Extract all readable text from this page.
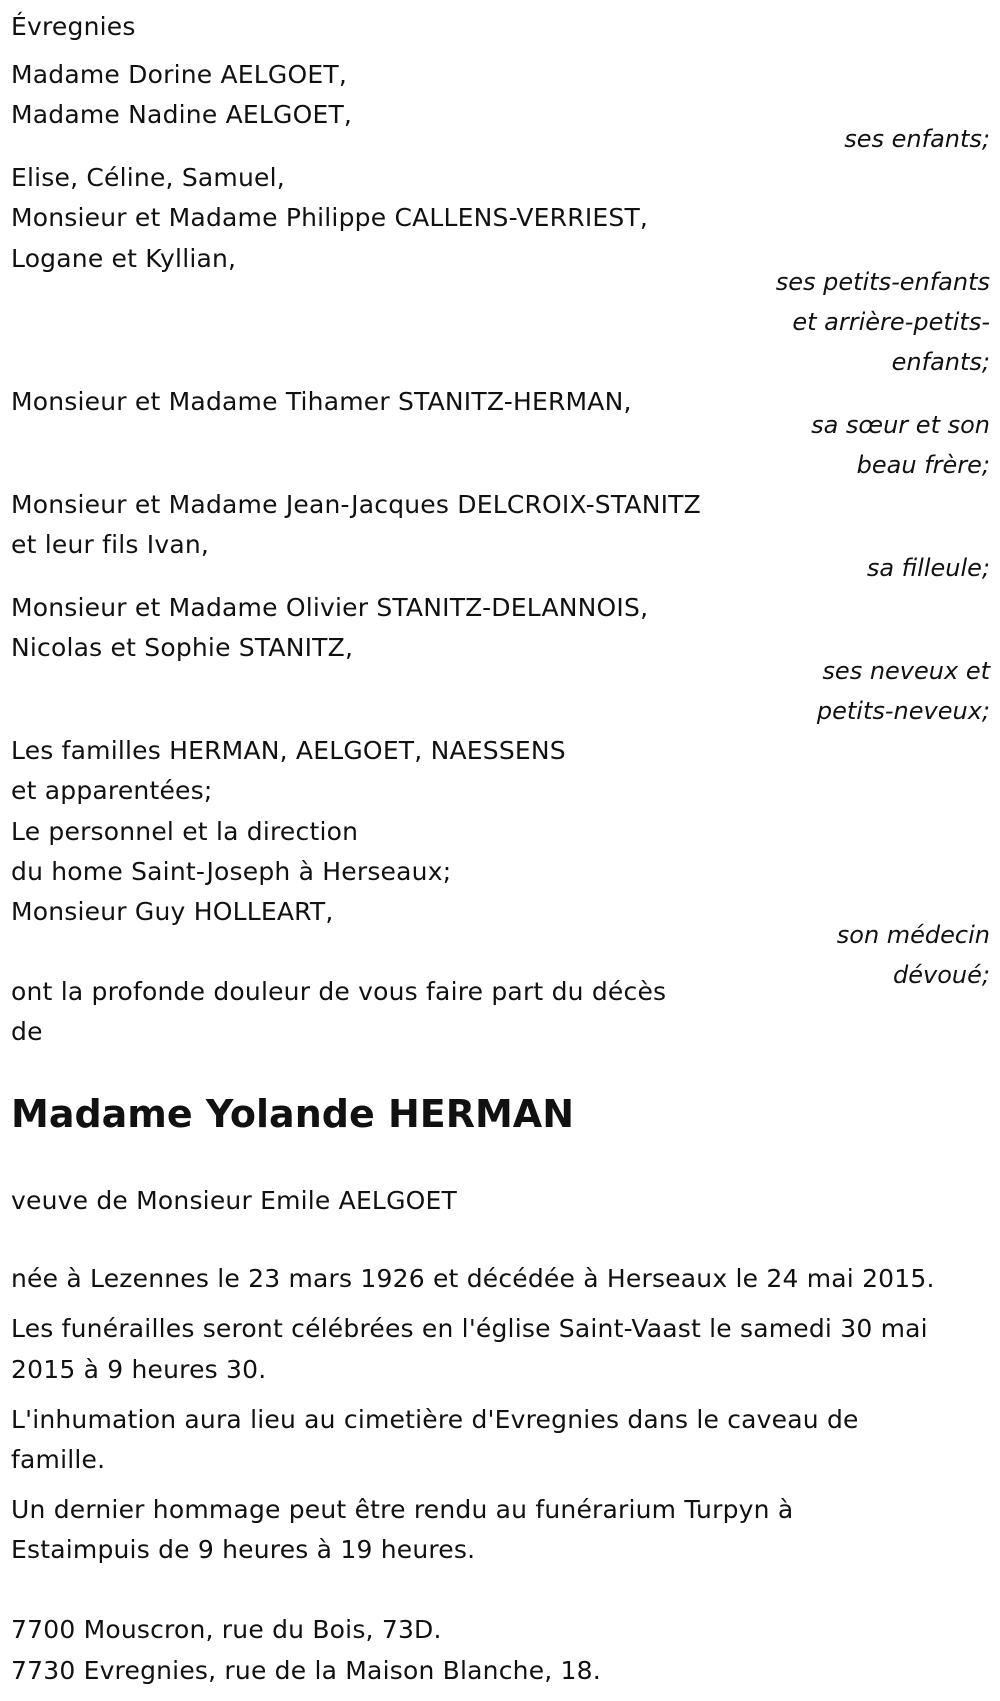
Évregnies
Madame Dorine AELGOET,
Madame Nadine AELGOET,
ses enfants;
Elise, Céline, Samuel,
Monsieur et Madame Philippe CALLENS-VERRIEST,
Logane et Kyllian,
ses petits-enfants
et arrière-petits-
enfants;
Monsieur et Madame Tihamer STANITZ-HERMAN,
sa sœur et son
beau frère;
Monsieur et Madame Jean-Jacques DELCROIX-STANITZ
et leur fils Ivan,
sa filleule;
Monsieur et Madame Olivier STANITZ-DELANNOIS,
Nicolas et Sophie STANITZ,
ses neveux et
petits-neveux;
Les familles HERMAN, AELGOET, NAESSENS
et apparentées;
Le personnel et la direction
du home Saint-Joseph à Herseaux;
Monsieur Guy HOLLEART,
son médecin
dévoué;
ont la profonde douleur de vous faire part du décès
de
Madame Yolande HERMAN
veuve de Monsieur Emile AELGOET
née à Lezennes le 23 mars 1926 et décédée à Herseaux le 24 mai 2015.
Les funérailles seront célébrées en l'église Saint-Vaast le samedi 30 mai
2015 à 9 heures 30.
L'inhumation aura lieu au cimetière d'Evregnies dans le caveau de
famille.
Un dernier hommage peut être rendu au funérarium Turpyn à
Estaimpuis de 9 heures à 19 heures.
7700 Mouscron, rue du Bois, 73D.
7730 Evregnies, rue de la Maison Blanche, 18.
